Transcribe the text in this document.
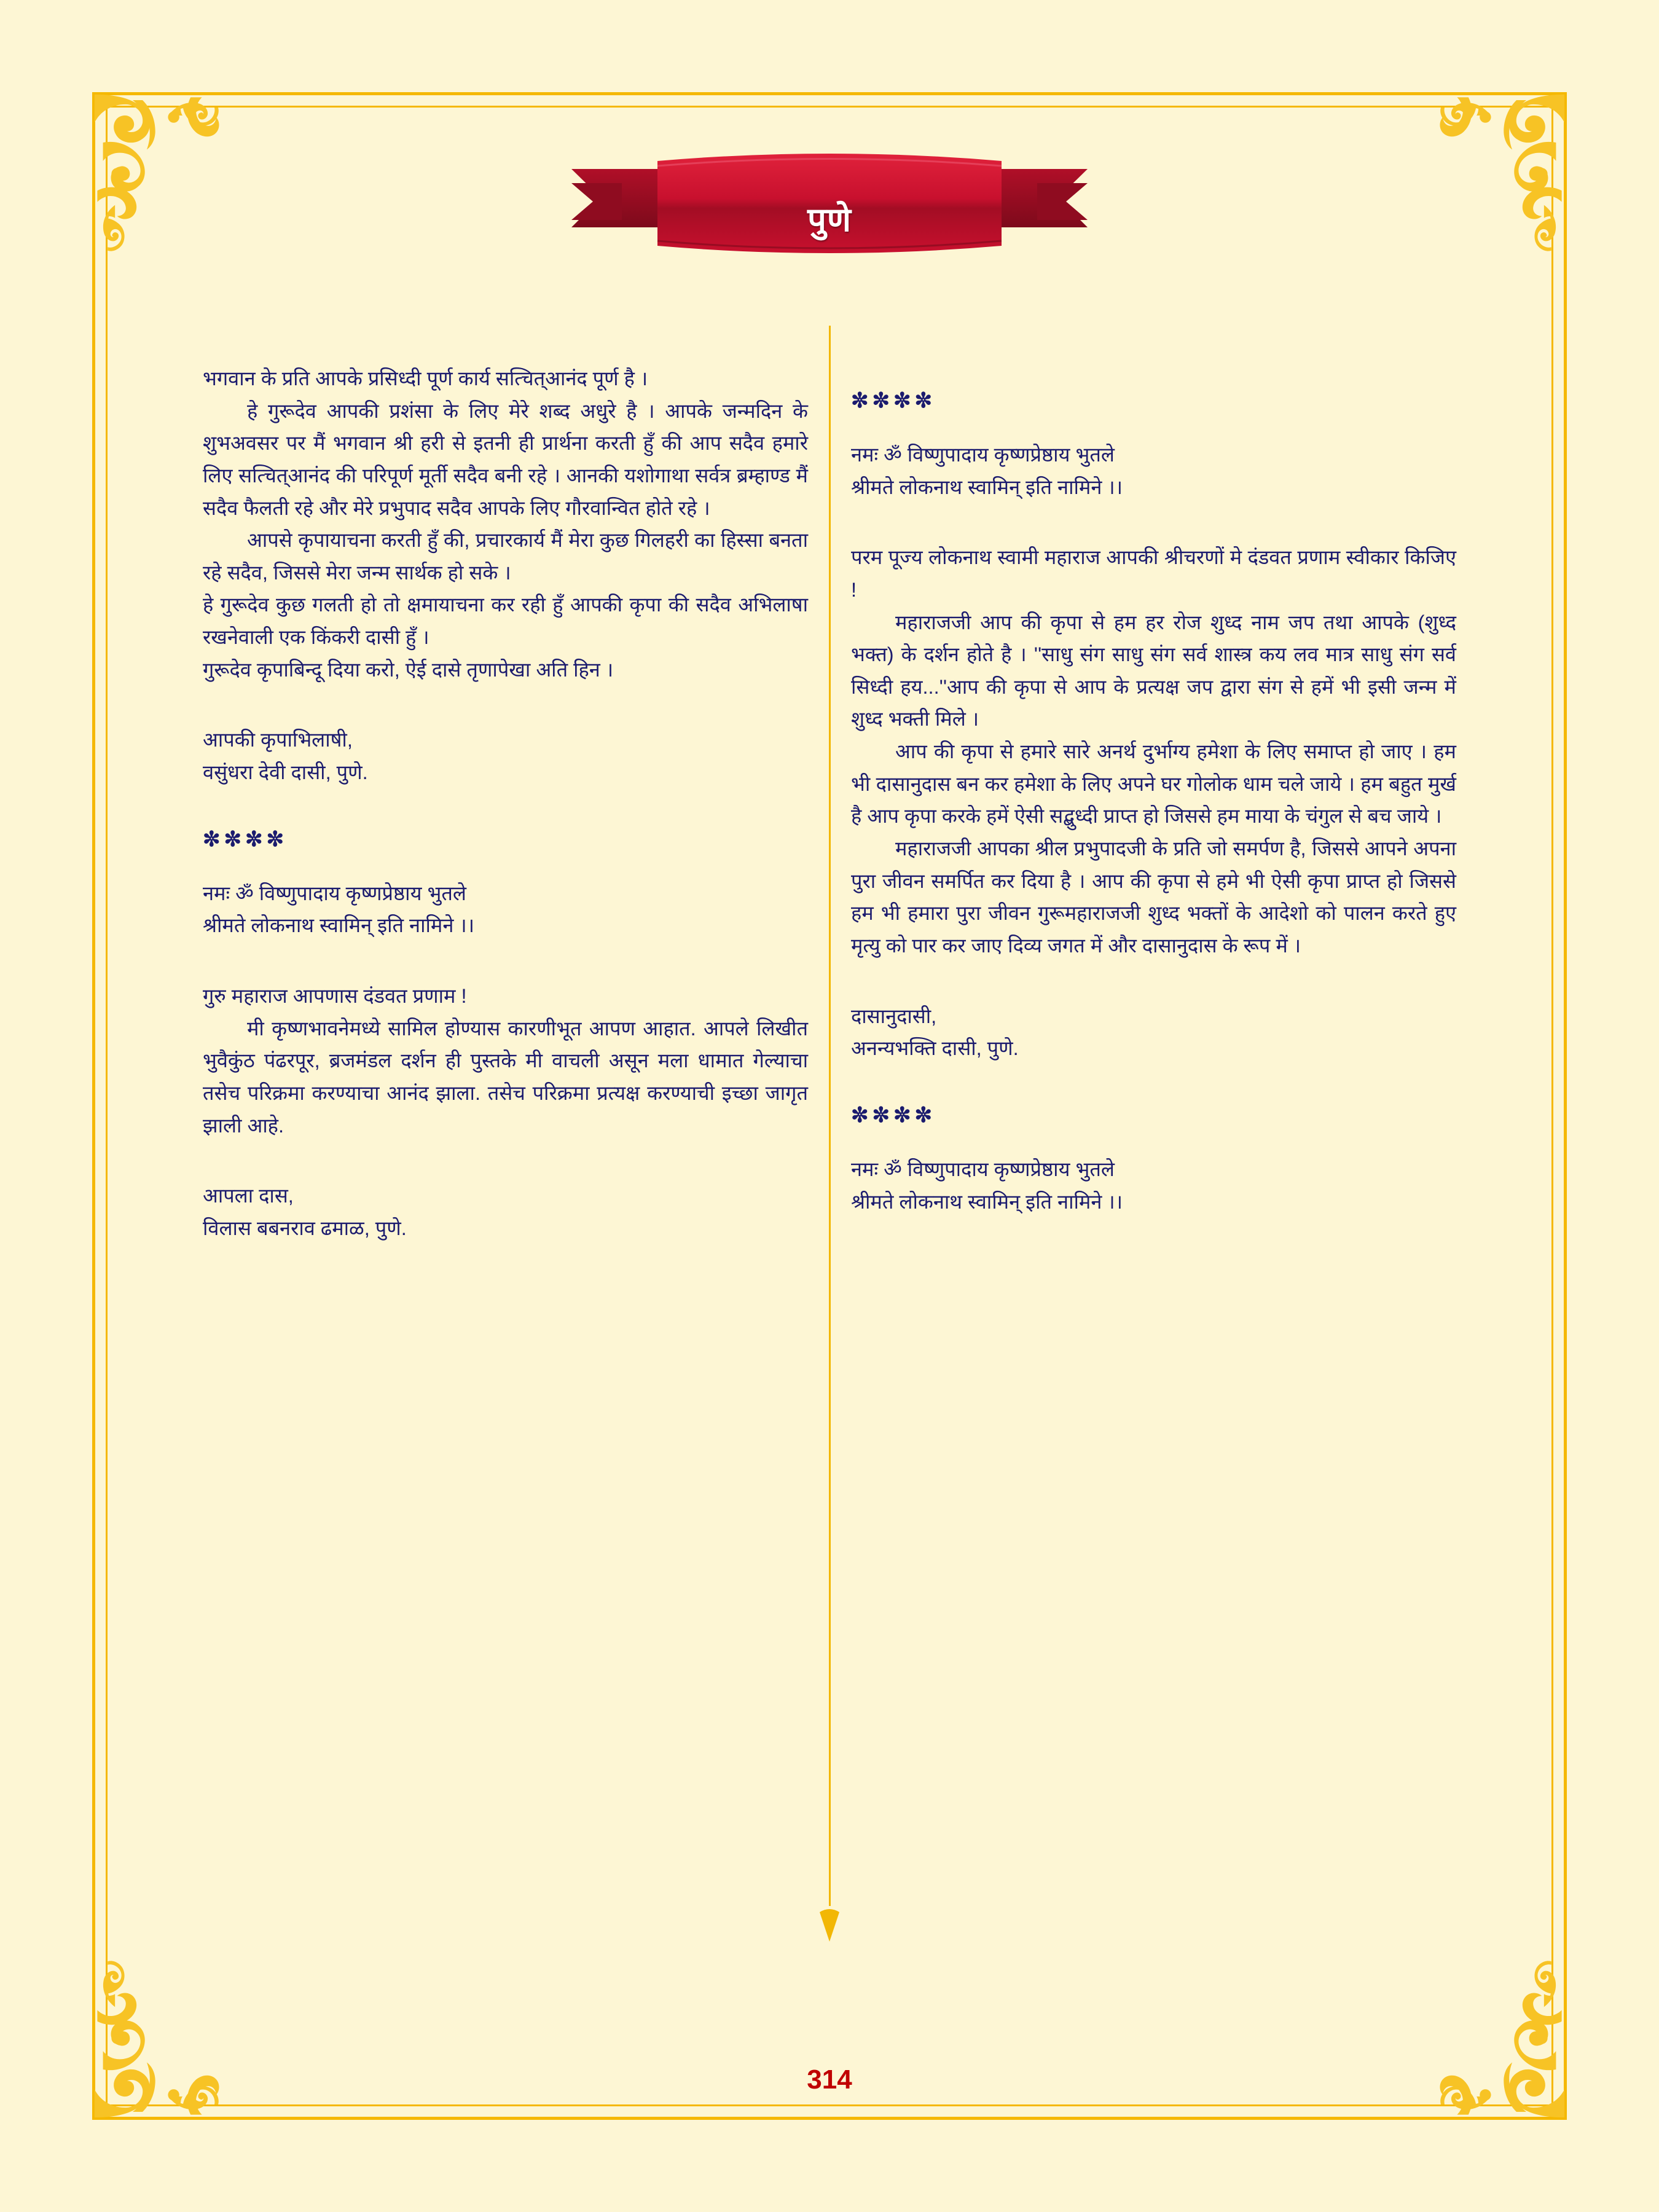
पुणे
भगवान के प्रति आपके प्रसिध्दी पूर्ण कार्य सत्चित्आनंद पूर्ण है ।
हे गुरूदेव आपकी प्रशंसा के लिए मेरे शब्द अधुरे है । आपके जन्मदिन के शुभअवसर पर मैं भगवान श्री हरी से इतनी ही प्रार्थना करती हुँ की आप सदैव हमारे लिए सत्चित्आनंद की परिपूर्ण मूर्ती सदैव बनी रहे । आनकी यशोगाथा सर्वत्र ब्रम्हाण्ड मैं सदैव फैलती रहे और मेरे प्रभुपाद सदैव आपके लिए गौरवान्वित होते रहे ।
आपसे कृपायाचना करती हुँ की, प्रचारकार्य मैं मेरा कुछ गिलहरी का हिस्सा बनता रहे सदैव, जिससे मेरा जन्म सार्थक हो सके ।
हे गुरूदेव कुछ गलती हो तो क्षमायाचना कर रही हुँ आपकी कृपा की सदैव अभिलाषा रखनेवाली एक किंकरी दासी हुँ ।
गुरूदेव कृपाबिन्दू दिया करो, ऐई दासे तृणापेखा अति हिन ।
आपकी कृपाभिलाषी,
वसुंधरा देवी दासी, पुणे.
✼✼✼✼
नमः ॐ विष्णुपादाय कृष्णप्रेष्ठाय भुतले
श्रीमते लोकनाथ स्वामिन् इति नामिने ।।
गुरु महाराज आपणास दंडवत प्रणाम !
मी कृष्णभावनेमध्ये सामिल होण्यास कारणीभूत आपण आहात. आपले लिखीत भुवैकुंठ पंढरपूर, ब्रजमंडल दर्शन ही पुस्तके मी वाचली असून मला धामात गेल्याचा तसेच परिक्रमा करण्याचा आनंद झाला. तसेच परिक्रमा प्रत्यक्ष करण्याची इच्छा जागृत झाली आहे.
आपला दास,
विलास बबनराव ढमाळ, पुणे.
✼✼✼✼
नमः ॐ विष्णुपादाय कृष्णप्रेष्ठाय भुतले
श्रीमते लोकनाथ स्वामिन् इति नामिने ।।
परम पूज्य लोकनाथ स्वामी महाराज आपकी श्रीचरणों मे दंडवत प्रणाम स्वीकार किजिए !
महाराजजी आप की कृपा से हम हर रोज शुध्द नाम जप तथा आपके (शुध्द भक्त) के दर्शन होते है । ''साधु संग साधु संग सर्व शास्त्र कय लव मात्र साधु संग सर्व सिध्दी हय...''आप की कृपा से आप के प्रत्यक्ष जप द्वारा संग से हमें भी इसी जन्म में शुध्द भक्ती मिले ।
आप की कृपा से हमारे सारे अनर्थ दुर्भाग्य हमेशा के लिए समाप्त हो जाए । हम भी दासानुदास बन कर हमेशा के लिए अपने घर गोलोक धाम चले जाये । हम बहुत मुर्ख है आप कृपा करके हमें ऐसी सद्बुध्दी प्राप्त हो जिससे हम माया के चंगुल से बच जाये ।
महाराजजी आपका श्रील प्रभुपादजी के प्रति जो समर्पण है, जिससे आपने अपना पुरा जीवन समर्पित कर दिया है । आप की कृपा से हमे भी ऐसी कृपा प्राप्त हो जिससे हम भी हमारा पुरा जीवन गुरूमहाराजजी शुध्द भक्तों के आदेशो को पालन करते हुए मृत्यु को पार कर जाए दिव्य जगत में और दासानुदास के रूप में ।
दासानुदासी,
अनन्यभक्ति दासी, पुणे.
✼✼✼✼
नमः ॐ विष्णुपादाय कृष्णप्रेष्ठाय भुतले
श्रीमते लोकनाथ स्वामिन् इति नामिने ।।
314
